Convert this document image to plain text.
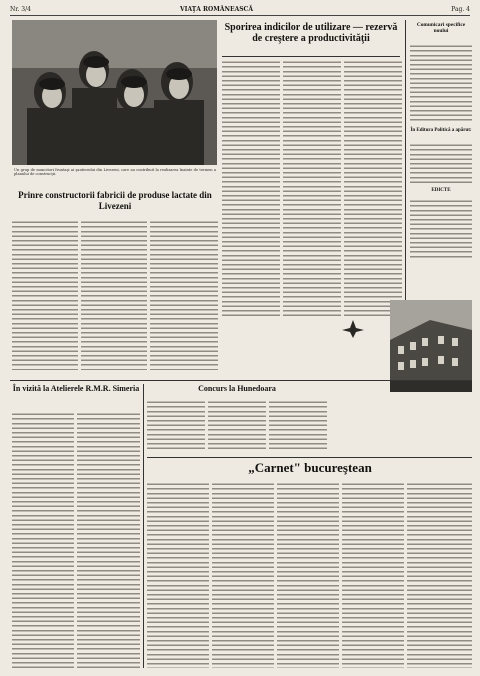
Nr. 3/4	VIAŢA ROMÂNEASCĂ	Pag. 4
Un grup de muncitori fruntaşi ai şantierului din Livezeni, care au contribuit la realizarea înainte de termen a planului de construcţii.
Sporirea indicilor de utilizare — rezervă de creştere a productivităţii
Comunicari specifice noului
În Editura Politică a apărut:
EDICTE
Prinre constructorii fabricii de produse lactate din Livezeni
În vizită la Atelierele R.M.R. Simeria	Concurs la Hunedoara
„Carnet" bucureştean
